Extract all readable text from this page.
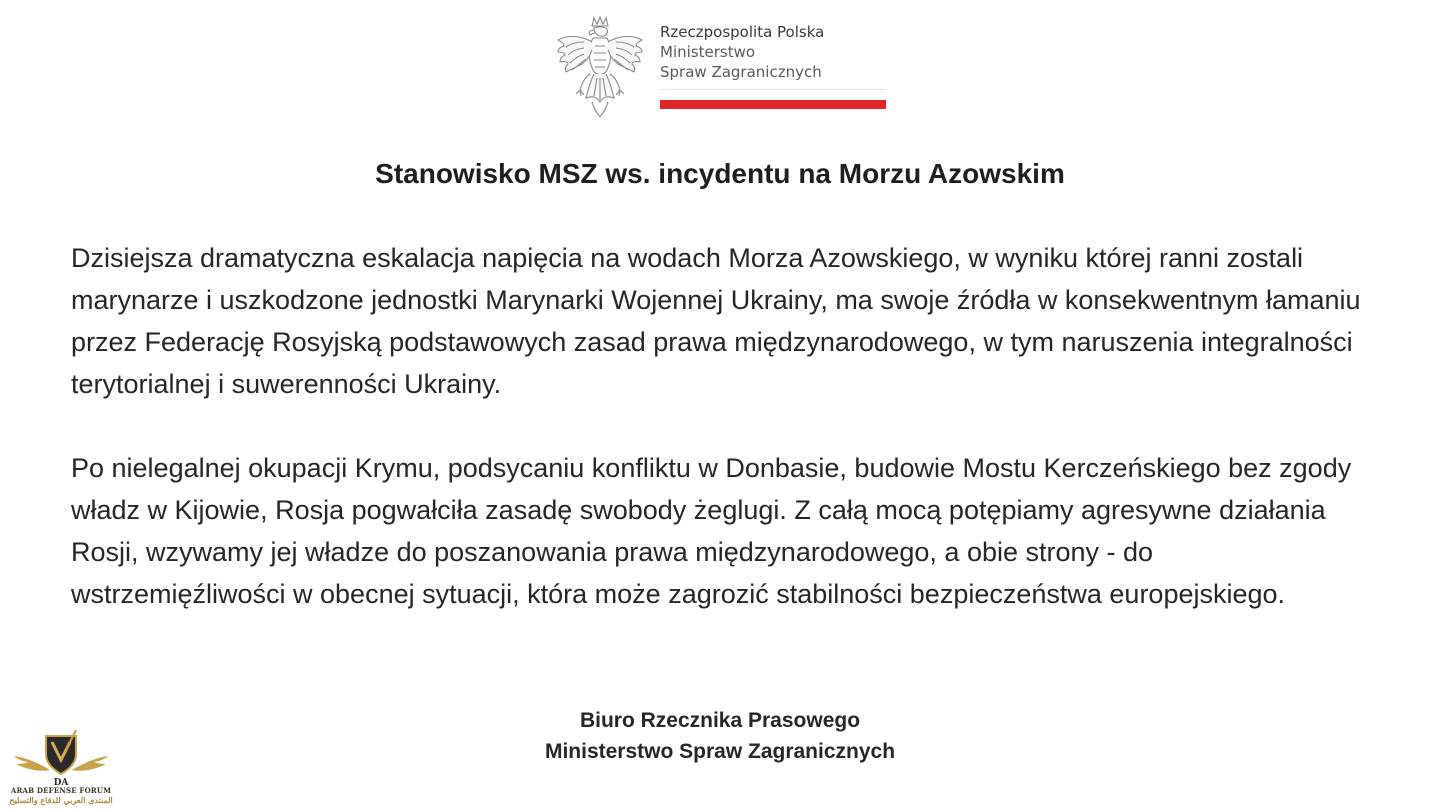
Rzeczpospolita Polska
Ministerstwo
Spraw Zagranicznych
Stanowisko MSZ ws. incydentu na Morzu Azowskim
Dzisiejsza dramatyczna eskalacja napięcia na wodach Morza Azowskiego, w wyniku której ranni zostali marynarze i uszkodzone jednostki Marynarki Wojennej Ukrainy, ma swoje źródła w konsekwentnym łamaniu przez Federację Rosyjską podstawowych zasad prawa międzynarodowego, w tym naruszenia integralności terytorialnej i suwerenności Ukrainy.
Po nielegalnej okupacji Krymu, podsycaniu konfliktu w Donbasie, budowie Mostu Kerczeńskiego bez zgody władz w Kijowie, Rosja pogwałciła zasadę swobody żeglugi. Z całą mocą potępiamy agresywne działania Rosji, wzywamy jej władze do poszanowania prawa międzynarodowego, a obie strony - do wstrzemięźliwości w obecnej sytuacji, która może zagrozić stabilności bezpieczeństwa europejskiego.
Biuro Rzecznika Prasowego
Ministerstwo Spraw Zagranicznych
DA
ARAB DEFENSE FORUM
المنتدى العربي للدفاع والتسليح
